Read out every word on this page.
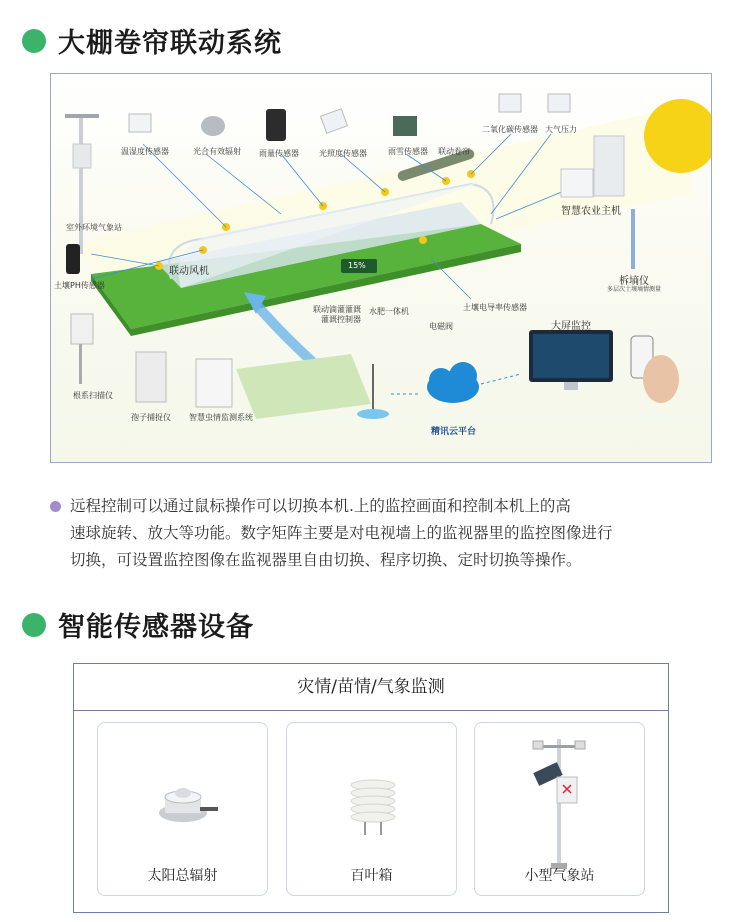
大棚卷帘联动系统
室外环境气象站
温湿度传感器	光合有效辐射 雨量传感器	光照度传感器	雨雪传感器 联动卷帘
二氧化碳传感器 大气压力
智慧农业主机
土壤PH传感器
联动风机
15%
联动滴灌灌溉
灌溉控制器
水肥一体机	土壤电导率传感器
电磁阀
柝墒仪
多层次土壤墒情测量
大屏监控
根系扫描仪
孢子捕捉仪 智慧虫情监测系统
精讯云平台
远程控制可以通过鼠标操作可以切换本机.上的监控画面和控制本机上的高
速球旋转、放大等功能。数字矩阵主要是对电视墙上的监视器里的监控图像进行
切换，可设置监控图像在监视器里自由切换、程序切换、定时切换等操作。
智能传感器设备
灾情/苗情/气象监测
太阳总辐射	百叶箱	小型气象站
